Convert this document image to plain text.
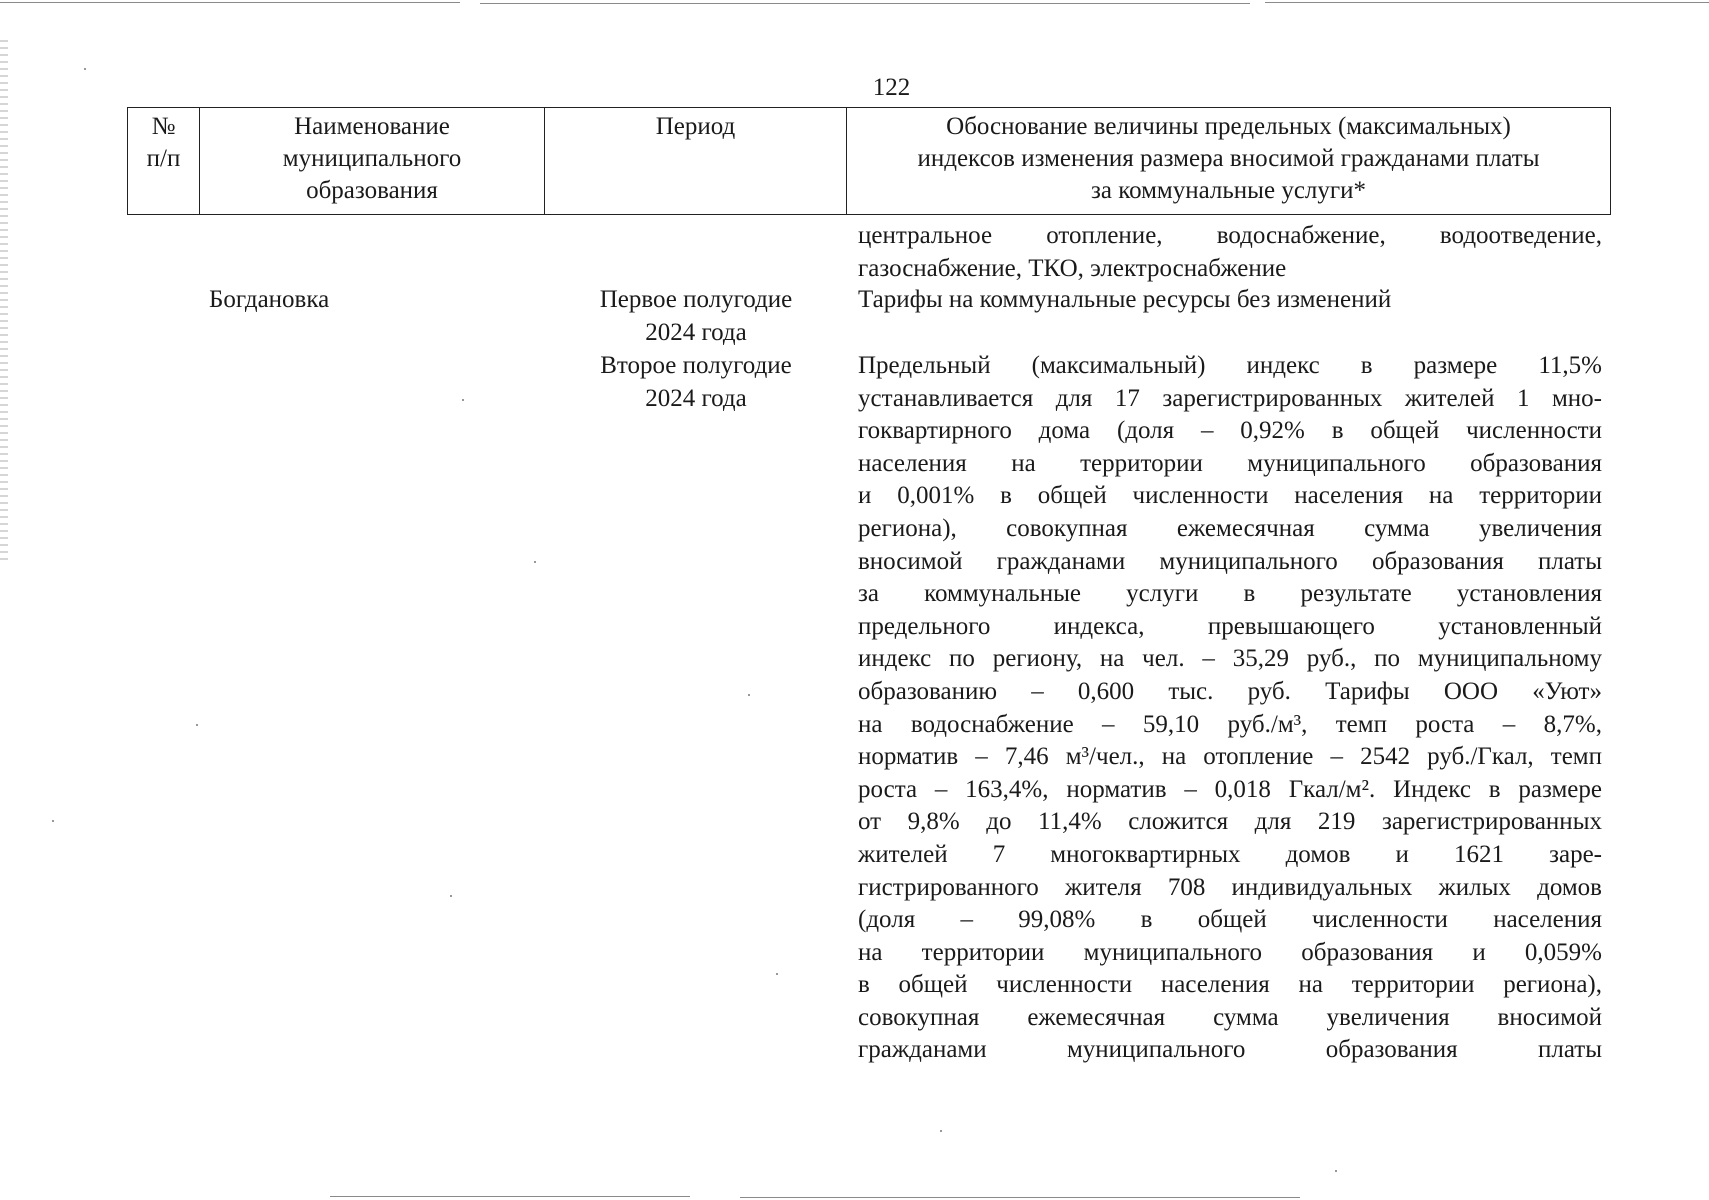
122
№
п/п
Наименование
муниципального
образования
Период	Обоснование величины предельных (максимальных)
индексов изменения размера вносимой гражданами платы
за коммунальные услуги*
центральное отопление, водоснабжение, водоотведение,
газоснабжение, ТКО, электроснабжение
Богдановка	Первое полугодие
2024 года
Тарифы на коммунальные ресурсы без изменений
Второе полугодие
2024 года
Предельный (максимальный) индекс в размере 11,5%
устанавливается для 17 зарегистрированных жителей 1 мно-
гоквартирного дома (доля – 0,92% в общей численности
населения на территории муниципального образования
и 0,001% в общей численности населения на территории
региона), совокупная ежемесячная сумма увеличения
вносимой гражданами муниципального образования платы
за коммунальные услуги в результате установления
предельного индекса, превышающего установленный
индекс по региону, на чел. – 35,29 руб., по муниципальному
образованию – 0,600 тыс. руб. Тарифы ООО «Уют»
на водоснабжение – 59,10 руб./м³, темп роста – 8,7%,
норматив – 7,46 м³/чел., на отопление – 2542 руб./Гкал, темп
роста – 163,4%, норматив – 0,018 Гкал/м². Индекс в размере
от 9,8% до 11,4% сложится для 219 зарегистрированных
жителей 7 многоквартирных домов и 1621 заре-
гистрированного жителя 708 индивидуальных жилых домов
(доля – 99,08% в общей численности населения
на территории муниципального образования и 0,059%
в общей численности населения на территории региона),
совокупная ежемесячная сумма увеличения вносимой
гражданами муниципального образования платы
